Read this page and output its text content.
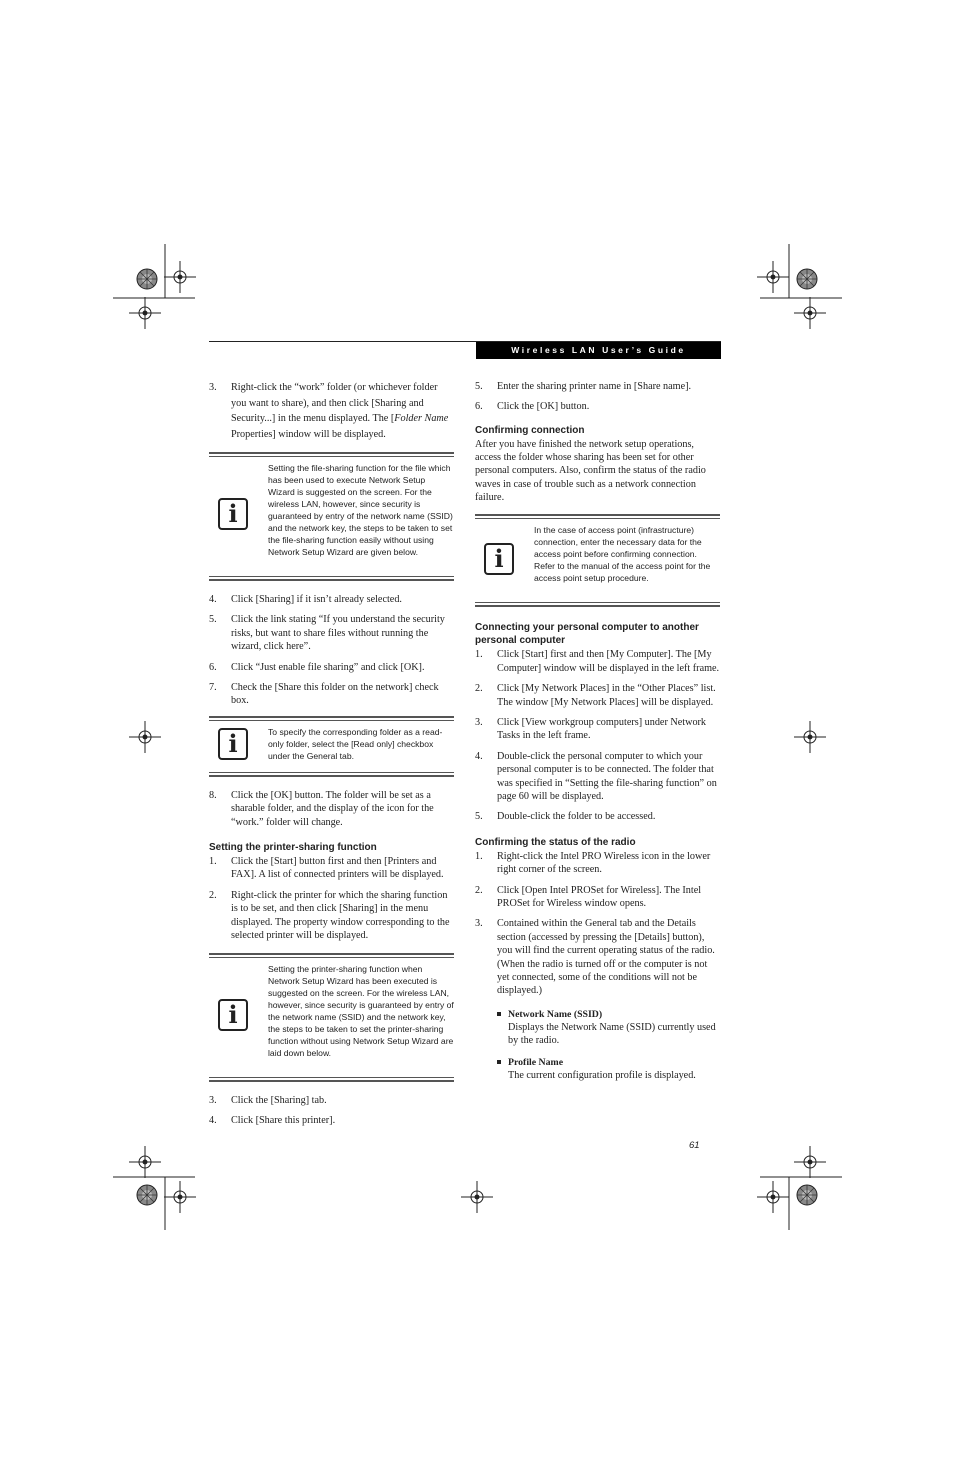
Wireless LAN User’s Guide
3. Right-click the “work” folder (or whichever folder you want to share), and then click [Sharing and Security...] in the menu displayed. The [Folder Name Properties] window will be displayed.
i
Setting the file-sharing function for the file which has been used to execute Network Setup Wizard is suggested on the screen. For the wireless LAN, however, since security is guaranteed by entry of the network name (SSID) and the network key, the steps to be taken to set the file-sharing function easily without using Network Setup Wizard are given below.
4. Click [Sharing] if it isn’t already selected.
5. Click the link stating “If you understand the security risks, but want to share files without running the wizard, click here”.
6. Click “Just enable file sharing” and click [OK].
7. Check the [Share this folder on the network] check box.
i	To specify the corresponding folder as a read-only folder, select the [Read only] checkbox under the General tab.
8. Click the [OK] button. The folder will be set as a sharable folder, and the display of the icon for the “work.” folder will change.
Setting the printer-sharing function
1. Click the [Start] button first and then [Printers and FAX]. A list of connected printers will be displayed.
2. Right-click the printer for which the sharing function is to be set, and then click [Sharing] in the menu displayed. The property window corresponding to the selected printer will be displayed.
i
Setting the printer-sharing function when Network Setup Wizard has been executed is suggested on the screen. For the wireless LAN, however, since security is guaranteed by entry of the network name (SSID) and the network key, the steps to be taken to set the printer-sharing function without using Network Setup Wizard are laid down below.
3. Click the [Sharing] tab.
4. Click [Share this printer].
5. Enter the sharing printer name in [Share name].
6. Click the [OK] button.
Confirming connection
After you have finished the network setup operations, access the folder whose sharing has been set for other personal computers. Also, confirm the status of the radio waves in case of trouble such as a network connection failure.
i
In the case of access point (infrastructure) connection, enter the necessary data for the access point before confirming connection. Refer to the manual of the access point for the access point setup procedure.
Connecting your personal computer to another personal computer
1. Click [Start] first and then [My Computer]. The [My Computer] window will be displayed in the left frame.
2. Click [My Network Places] in the “Other Places” list. The window [My Network Places] will be displayed.
3. Click [View workgroup computers] under Network Tasks in the left frame.
4. Double-click the personal computer to which your personal computer is to be connected. The folder that was specified in “Setting the file-sharing function” on page 60 will be displayed.
5. Double-click the folder to be accessed.
Confirming the status of the radio
1. Right-click the Intel PRO Wireless icon in the lower right corner of the screen.
2. Click [Open Intel PROSet for Wireless]. The Intel PROSet for Wireless window opens.
3. Contained within the General tab and the Details section (accessed by pressing the [Details] button), you will find the current operating status of the radio. (When the radio is turned off or the computer is not yet connected, some of the conditions will not be displayed.)
Network Name (SSID)
Displays the Network Name (SSID) currently used by the radio.
Profile Name
The current configuration profile is displayed.
61
